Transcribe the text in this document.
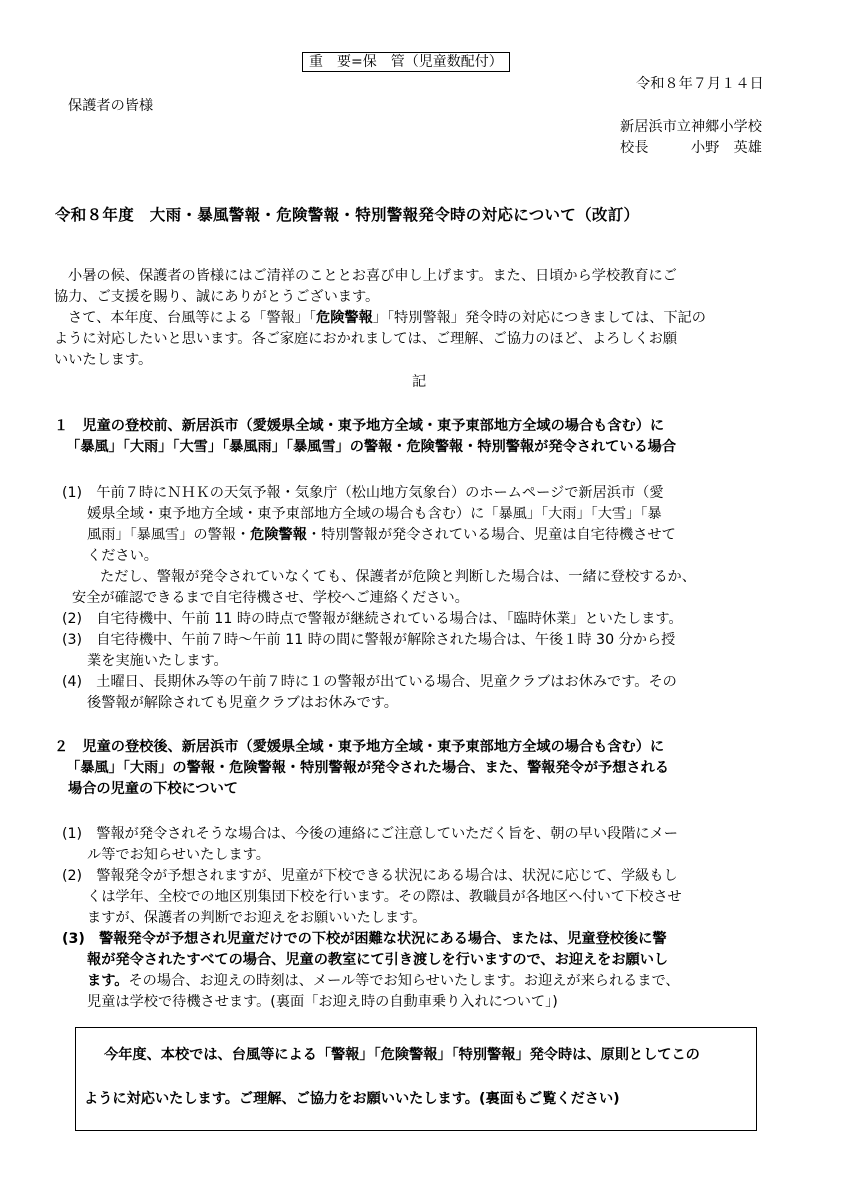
重　要=保　管（児童数配付）
令和８年７月１４日
保護者の皆様
新居浜市立神郷小学校
校長　　　小野　英雄
令和８年度　大雨・暴風警報・危険警報・特別警報発令時の対応について（改訂）
小暑の候、保護者の皆様にはご清祥のこととお喜び申し上げます。また、日頃から学校教育にご
協力、ご支援を賜り、誠にありがとうございます。
さて、本年度、台風等による「警報」「危険警報」「特別警報」発令時の対応につきましては、下記の
ように対応したいと思います。各ご家庭におかれましては、ご理解、ご協力のほど、よろしくお願
いいたします。
記
１　児童の登校前、新居浜市（愛媛県全域・東予地方全域・東予東部地方全域の場合も含む）に
「暴風」「大雨」「大雪」「暴風雨」「暴風雪」の警報・危険警報・特別警報が発令されている場合
(1)　午前７時にＮＨＫの天気予報・気象庁（松山地方気象台）のホームページで新居浜市（愛
媛県全域・東予地方全域・東予東部地方全域の場合も含む）に「暴風」「大雨」「大雪」「暴
風雨」「暴風雪」の警報・危険警報・特別警報が発令されている場合、児童は自宅待機させて
ください。
ただし、警報が発令されていなくても、保護者が危険と判断した場合は、一緒に登校するか、
安全が確認できるまで自宅待機させ、学校へご連絡ください。
(2)　自宅待機中、午前 11 時の時点で警報が継続されている場合は、「臨時休業」といたします。
(3)　自宅待機中、午前７時～午前 11 時の間に警報が解除された場合は、午後１時 30 分から授
業を実施いたします。
(4)　土曜日、長期休み等の午前７時に１の警報が出ている場合、児童クラブはお休みです。その
後警報が解除されても児童クラブはお休みです。
２　児童の登校後、新居浜市（愛媛県全域・東予地方全域・東予東部地方全域の場合も含む）に
「暴風」「大雨」の警報・危険警報・特別警報が発令された場合、また、警報発令が予想される
場合の児童の下校について
(1)　警報が発令されそうな場合は、今後の連絡にご注意していただく旨を、朝の早い段階にメー
ル等でお知らせいたします。
(2)　警報発令が予想されますが、児童が下校できる状況にある場合は、状況に応じて、学級もし
くは学年、全校での地区別集団下校を行います。その際は、教職員が各地区へ付いて下校させ
ますが、保護者の判断でお迎えをお願いいたします。
(3)　警報発令が予想され児童だけでの下校が困難な状況にある場合、または、児童登校後に警
報が発令されたすべての場合、児童の教室にて引き渡しを行いますので、お迎えをお願いし
ます。その場合、お迎えの時刻は、メール等でお知らせいたします。お迎えが来られるまで、
児童は学校で待機させます。(裏面「お迎え時の自動車乗り入れについて」)
今年度、本校では、台風等による「警報」「危険警報」「特別警報」発令時は、原則としてこの
ように対応いたします。ご理解、ご協力をお願いいたします。(裏面もご覧ください)
